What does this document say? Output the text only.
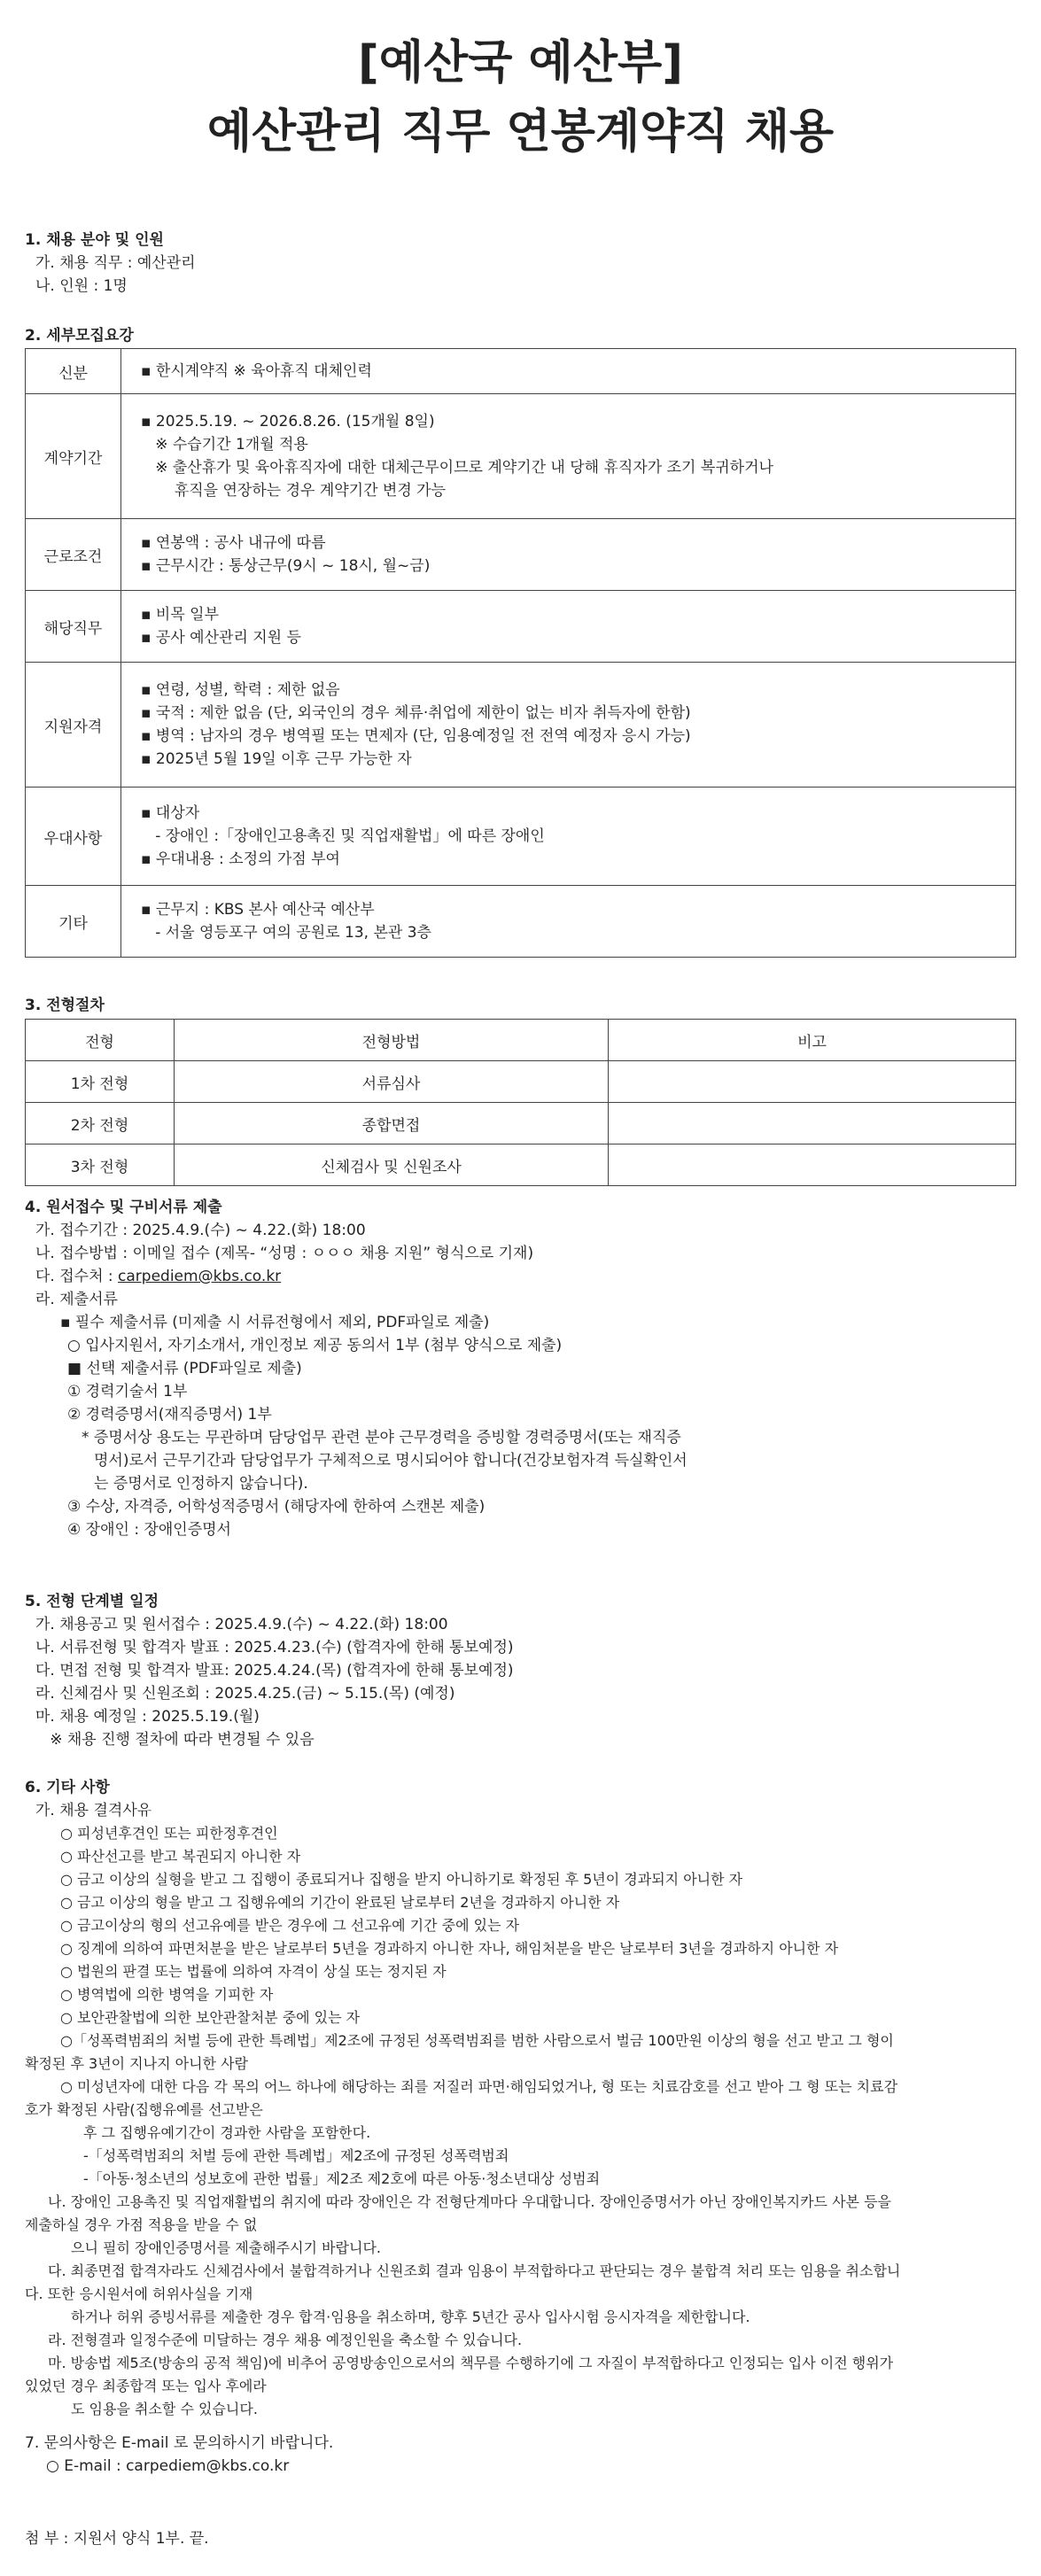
[예산국 예산부]
예산관리 직무 연봉계약직 채용
1. 채용 분야 및 인원
가. 채용 직무 : 예산관리
나. 인원 : 1명
2. 세부모집요강
신분	▪ 한시계약직 ※ 육아휴직 대체인력

계약기간	▪ 2025.5.19. ~ 2026.8.26. (15개월 8일)
※ 수습기간 1개월 적용
※ 출산휴가 및 육아휴직자에 대한 대체근무이므로 계약기간 내 당해 휴직자가 조기 복귀하거나
휴직을 연장하는 경우 계약기간 변경 가능

근로조건	▪ 연봉액 : 공사 내규에 따름
▪ 근무시간 : 통상근무(9시 ~ 18시, 월~금)

해당직무	▪ 비목 일부
▪ 공사 예산관리 지원 등

지원자격	▪ 연령, 성별, 학력 : 제한 없음
▪ 국적 : 제한 없음 (단, 외국인의 경우 체류·취업에 제한이 없는 비자 취득자에 한함)
▪ 병역 : 남자의 경우 병역필 또는 면제자 (단, 임용예정일 전 전역 예정자 응시 가능)
▪ 2025년 5월 19일 이후 근무 가능한 자

우대사항	▪ 대상자
- 장애인 :「장애인고용촉진 및 직업재활법」에 따른 장애인
▪ 우대내용 : 소정의 가점 부여

기타	▪ 근무지 : KBS 본사 예산국 예산부
- 서울 영등포구 여의 공원로 13, 본관 3층
3. 전형절차
전형	전형방법	비고
1차 전형	서류심사	
2차 전형	종합면접	
3차 전형	신체검사 및 신원조사	
4. 원서접수 및 구비서류 제출
가. 접수기간 : 2025.4.9.(수) ~ 4.22.(화) 18:00
나. 접수방법 : 이메일 접수 (제목- “성명 : ㅇㅇㅇ 채용 지원” 형식으로 기재)
다. 접수처 : carpediem@kbs.co.kr
라. 제출서류
▪ 필수 제출서류 (미제출 시 서류전형에서 제외, PDF파일로 제출)
○ 입사지원서, 자기소개서, 개인정보 제공 동의서 1부 (첨부 양식으로 제출)
■ 선택 제출서류 (PDF파일로 제출)
① 경력기술서 1부
② 경력증명서(재직증명서) 1부
* 증명서상 용도는 무관하며 담당업무 관련 분야 근무경력을 증빙할 경력증명서(또는 재직증
명서)로서 근무기간과 담당업무가 구체적으로 명시되어야 합니다(건강보험자격 득실확인서
는 증명서로 인정하지 않습니다).
③ 수상, 자격증, 어학성적증명서 (해당자에 한하여 스캔본 제출)
④ 장애인 : 장애인증명서
5. 전형 단계별 일정
가. 채용공고 및 원서접수 : 2025.4.9.(수) ~ 4.22.(화) 18:00
나. 서류전형 및 합격자 발표 : 2025.4.23.(수) (합격자에 한해 통보예정)
다. 면접 전형 및 합격자 발표: 2025.4.24.(목) (합격자에 한해 통보예정)
라. 신체검사 및 신원조회 : 2025.4.25.(금) ~ 5.15.(목) (예정)
마. 채용 예정일 : 2025.5.19.(월)
※ 채용 진행 절차에 따라 변경될 수 있음
6. 기타 사항
가. 채용 결격사유
○ 피성년후견인 또는 피한정후견인
○ 파산선고를 받고 복권되지 아니한 자
○ 금고 이상의 실형을 받고 그 집행이 종료되거나 집행을 받지 아니하기로 확정된 후 5년이 경과되지 아니한 자
○ 금고 이상의 형을 받고 그 집행유예의 기간이 완료된 날로부터 2년을 경과하지 아니한 자
○ 금고이상의 형의 선고유예를 받은 경우에 그 선고유예 기간 중에 있는 자
○ 징계에 의하여 파면처분을 받은 날로부터 5년을 경과하지 아니한 자나, 해임처분을 받은 날로부터 3년을 경과하지 아니한 자
○ 법원의 판결 또는 법률에 의하여 자격이 상실 또는 정지된 자
○ 병역법에 의한 병역을 기피한 자
○ 보안관찰법에 의한 보안관찰처분 중에 있는 자
○「성폭력범죄의 처벌 등에 관한 특례법」제2조에 규정된 성폭력범죄를 범한 사람으로서 벌금 100만원 이상의 형을 선고 받고 그 형이
확정된 후 3년이 지나지 아니한 사람
○ 미성년자에 대한 다음 각 목의 어느 하나에 해당하는 죄를 저질러 파면·해임되었거나, 형 또는 치료감호를 선고 받아 그 형 또는 치료감
호가 확정된 사람(집행유예를 선고받은
후 그 집행유예기간이 경과한 사람을 포함한다.
-「성폭력범죄의 처벌 등에 관한 특례법」제2조에 규정된 성폭력범죄
-「아동·청소년의 성보호에 관한 법률」제2조 제2호에 따른 아동·청소년대상 성범죄
나. 장애인 고용촉진 및 직업재활법의 취지에 따라 장애인은 각 전형단계마다 우대합니다. 장애인증명서가 아닌 장애인복지카드 사본 등을
제출하실 경우 가점 적용을 받을 수 없
으니 필히 장애인증명서를 제출해주시기 바랍니다.
다. 최종면접 합격자라도 신체검사에서 불합격하거나 신원조회 결과 임용이 부적합하다고 판단되는 경우 불합격 처리 또는 임용을 취소합니
다. 또한 응시원서에 허위사실을 기재
하거나 허위 증빙서류를 제출한 경우 합격·임용을 취소하며, 향후 5년간 공사 입사시험 응시자격을 제한합니다.
라. 전형결과 일정수준에 미달하는 경우 채용 예정인원을 축소할 수 있습니다.
마. 방송법 제5조(방송의 공적 책임)에 비추어 공영방송인으로서의 책무를 수행하기에 그 자질이 부적합하다고 인정되는 입사 이전 행위가
있었던 경우 최종합격 또는 입사 후에라
도 임용을 취소할 수 있습니다.
7. 문의사항은 E-mail 로 문의하시기 바랍니다.
○ E-mail : carpediem@kbs.co.kr
첨 부 : 지원서 양식 1부. 끝.
